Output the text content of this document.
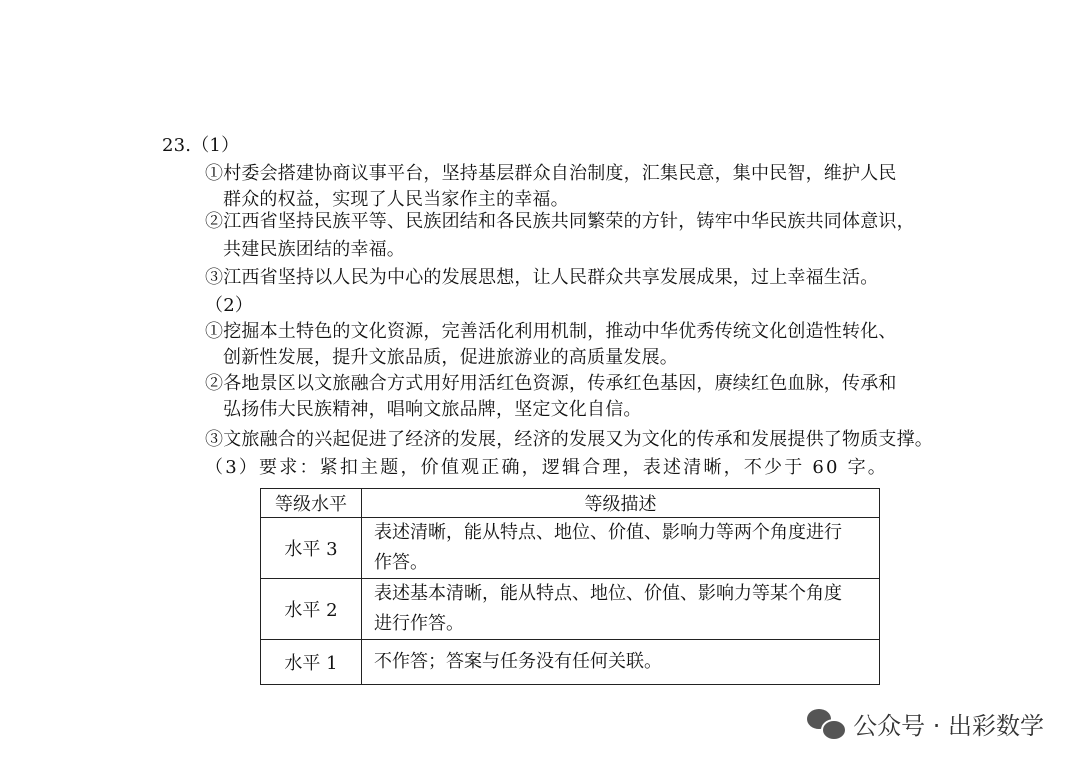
23.（1）
①村委会搭建协商议事平台，坚持基层群众自治制度，汇集民意，集中民智，维护人民
群众的权益，实现了人民当家作主的幸福。
②江西省坚持民族平等、民族团结和各民族共同繁荣的方针，铸牢中华民族共同体意识，
共建民族团结的幸福。
③江西省坚持以人民为中心的发展思想，让人民群众共享发展成果，过上幸福生活。
（2）
①挖掘本土特色的文化资源，完善活化利用机制，推动中华优秀传统文化创造性转化、
创新性发展，提升文旅品质，促进旅游业的高质量发展。
②各地景区以文旅融合方式用好用活红色资源，传承红色基因，赓续红色血脉，传承和
弘扬伟大民族精神，唱响文旅品牌，坚定文化自信。
③文旅融合的兴起促进了经济的发展，经济的发展又为文化的传承和发展提供了物质支撑。
（3）要求：紧扣主题，价值观正确，逻辑合理，表述清晰，不少于 60 字。
等级水平	等级描述
水平 3	表述清晰，能从特点、地位、价值、影响力等两个角度进行
作答。

水平 2	表述基本清晰，能从特点、地位、价值、影响力等某个角度
进行作答。

水平 1	不作答；答案与任务没有任何关联。
公众号 · 出彩数学
